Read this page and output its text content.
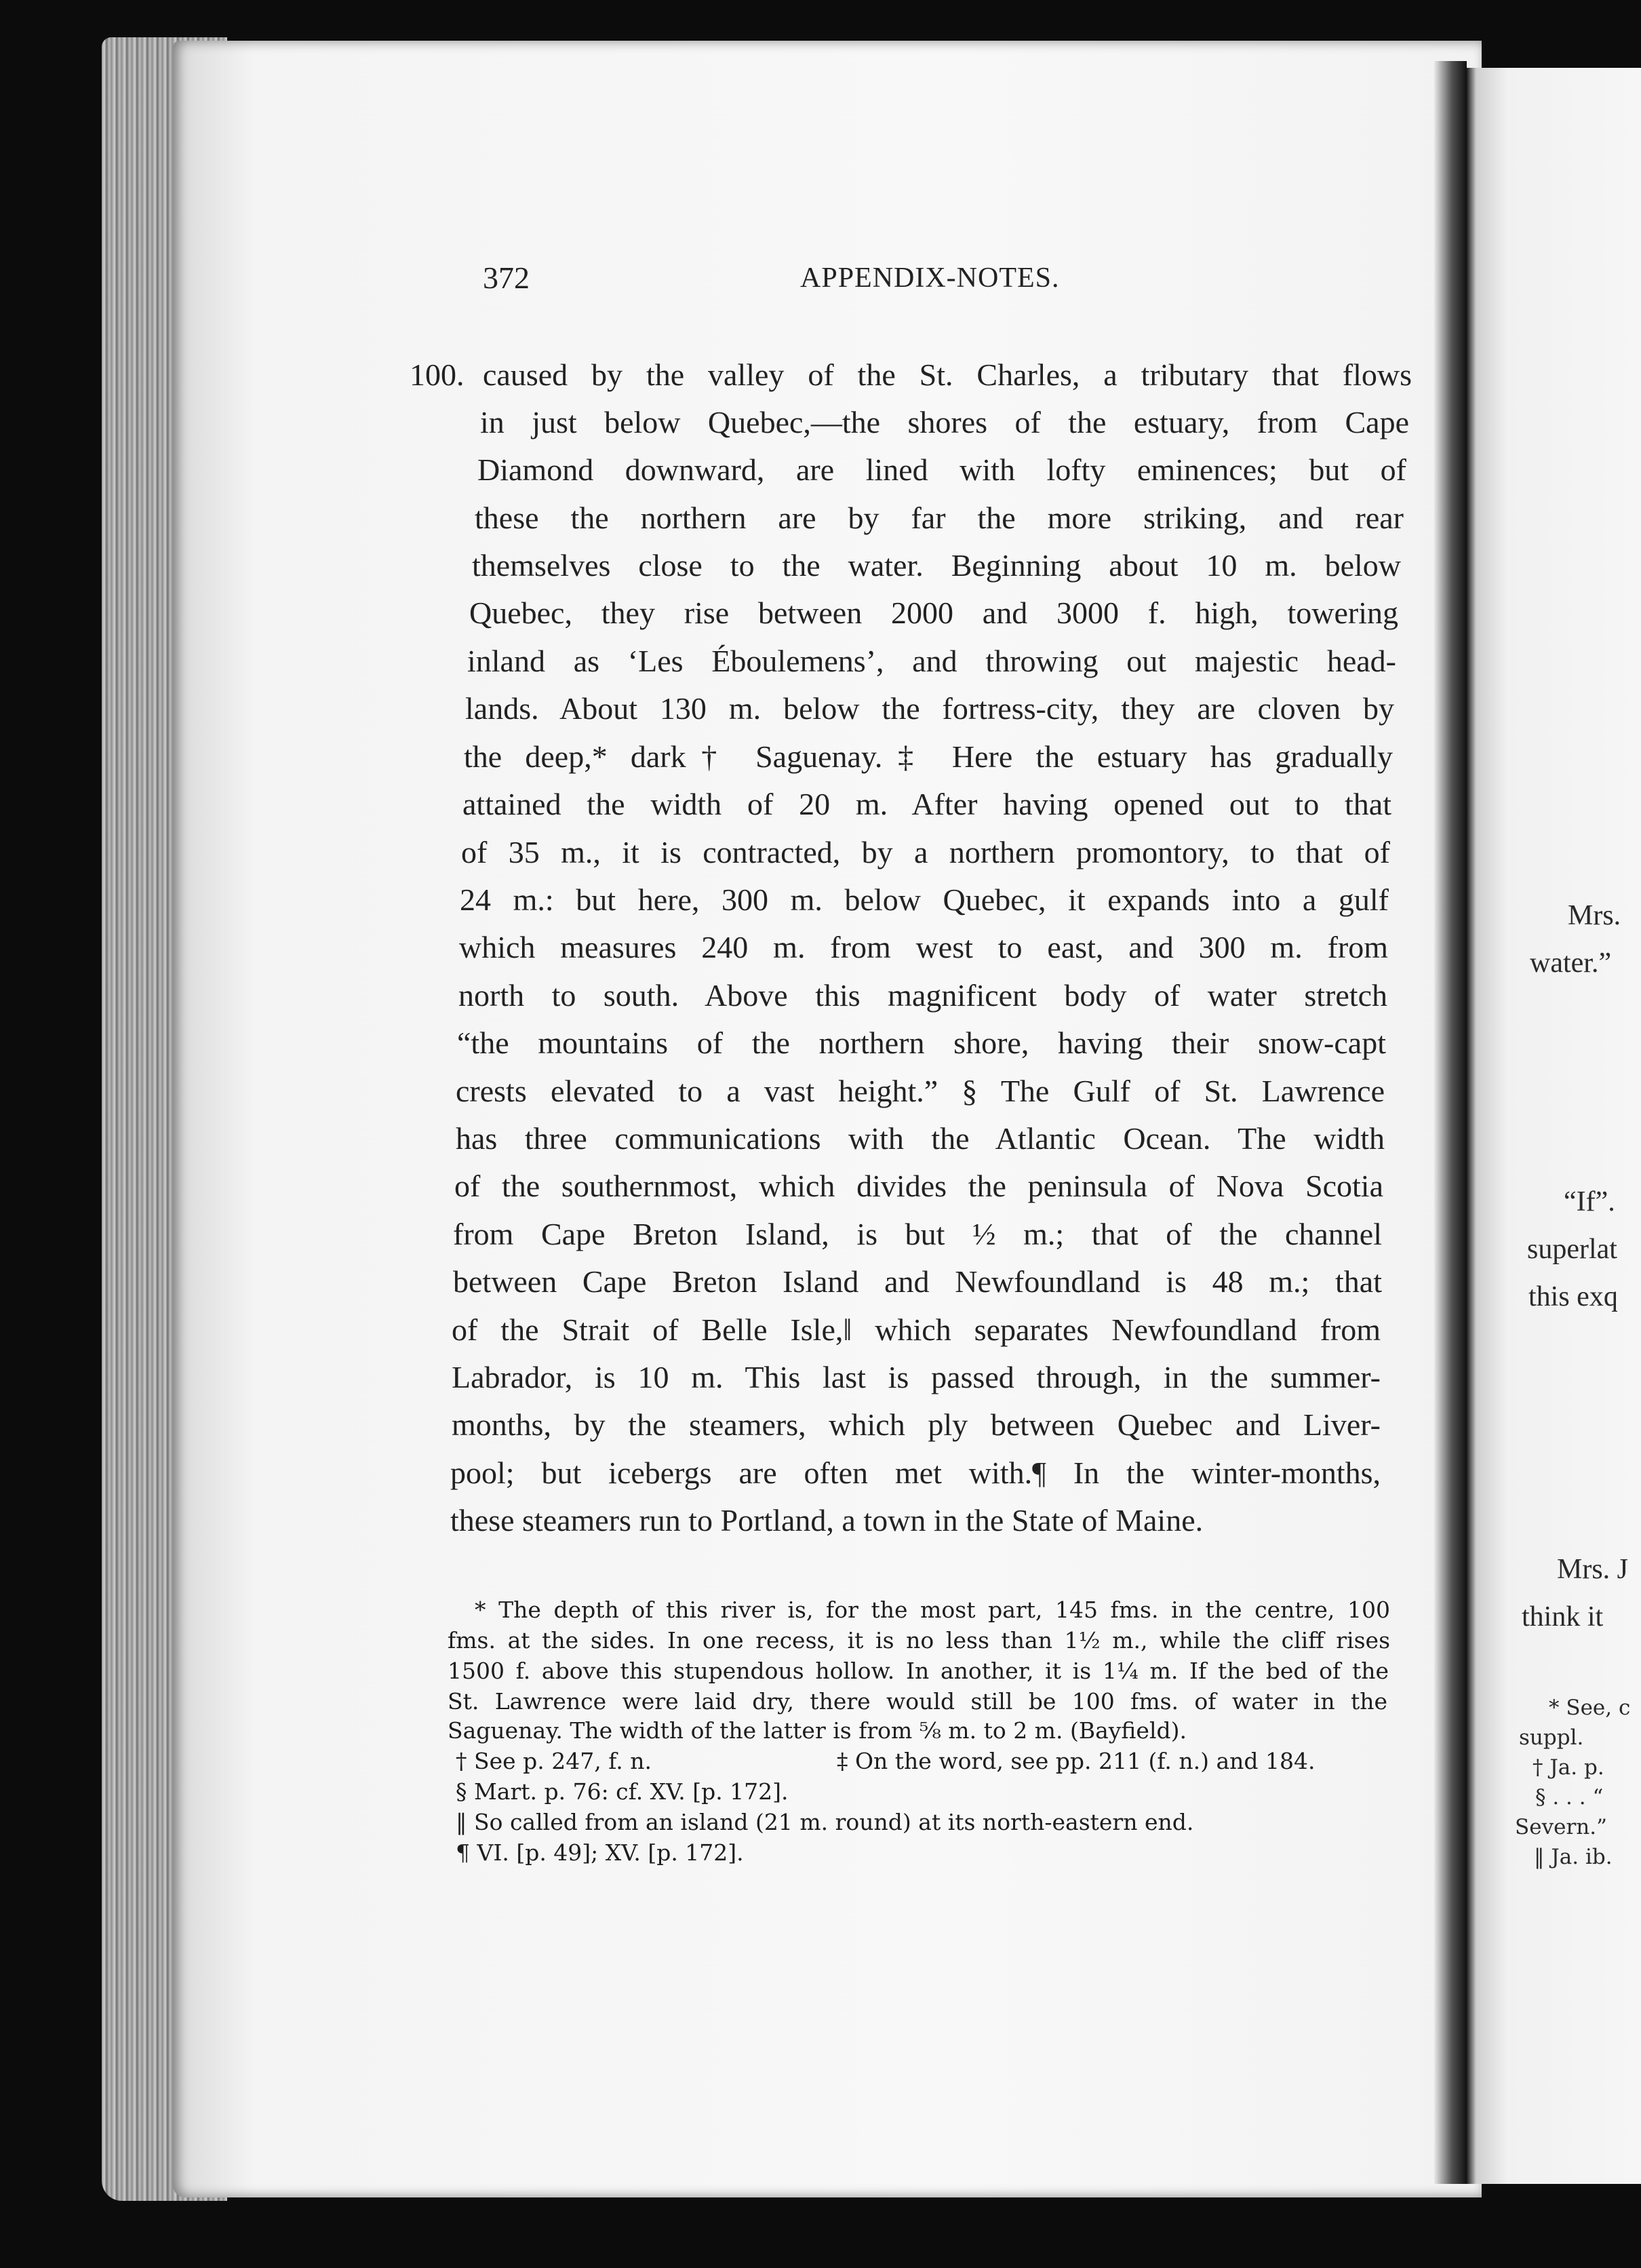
372	APPENDIX-NOTES.
100. caused by the valley of the St. Charles, a tributary that flows
in just below Quebec,—the shores of the estuary, from Cape
Diamond downward, are lined with lofty eminences; but of
these the northern are by far the more striking, and rear
themselves close to the water. Beginning about 10 m. below
Quebec, they rise between 2000 and 3000 f. high, towering
inland as ‘Les Éboulemens’, and throwing out majestic head-
lands. About 130 m. below the fortress-city, they are cloven by
the deep,* dark† Saguenay.‡ Here the estuary has gradually
attained the width of 20 m. After having opened out to that
of 35 m., it is contracted, by a northern promontory, to that of
24 m.: but here, 300 m. below Quebec, it expands into a gulf
which measures 240 m. from west to east, and 300 m. from
north to south. Above this magnificent body of water stretch
“the mountains of the northern shore, having their snow-capt
crests elevated to a vast height.” § The Gulf of St. Lawrence
has three communications with the Atlantic Ocean. The width
of the southernmost, which divides the peninsula of Nova Scotia
from Cape Breton Island, is but ½ m.; that of the channel
between Cape Breton Island and Newfoundland is 48 m.; that
of the Strait of Belle Isle,‖ which separates Newfoundland from
Labrador, is 10 m. This last is passed through, in the summer-
months, by the steamers, which ply between Quebec and Liver-
pool; but icebergs are often met with.¶ In the winter-months,
these steamers run to Portland, a town in the State of Maine.
* The depth of this river is, for the most part, 145 fms. in the centre, 100
fms. at the sides. In one recess, it is no less than 1½ m., while the cliff rises
1500 f. above this stupendous hollow. In another, it is 1¼ m. If the bed of the
St. Lawrence were laid dry, there would still be 100 fms. of water in the
Saguenay. The width of the latter is from ⅝ m. to 2 m. (Bayfield).
† See p. 247, f. n.	‡ On the word, see pp. 211 (f. n.) and 184.
§ Mart. p. 76: cf. XV. [p. 172].
‖ So called from an island (21 m. round) at its north-eastern end.
¶ VI. [p. 49]; XV. [p. 172].
Mrs.
water.”
“If”.
superlat
this exq
Mrs. J
think it
* See, c
suppl.
† Ja. p.
§ . . . “
Severn.”
‖ Ja. ib.
